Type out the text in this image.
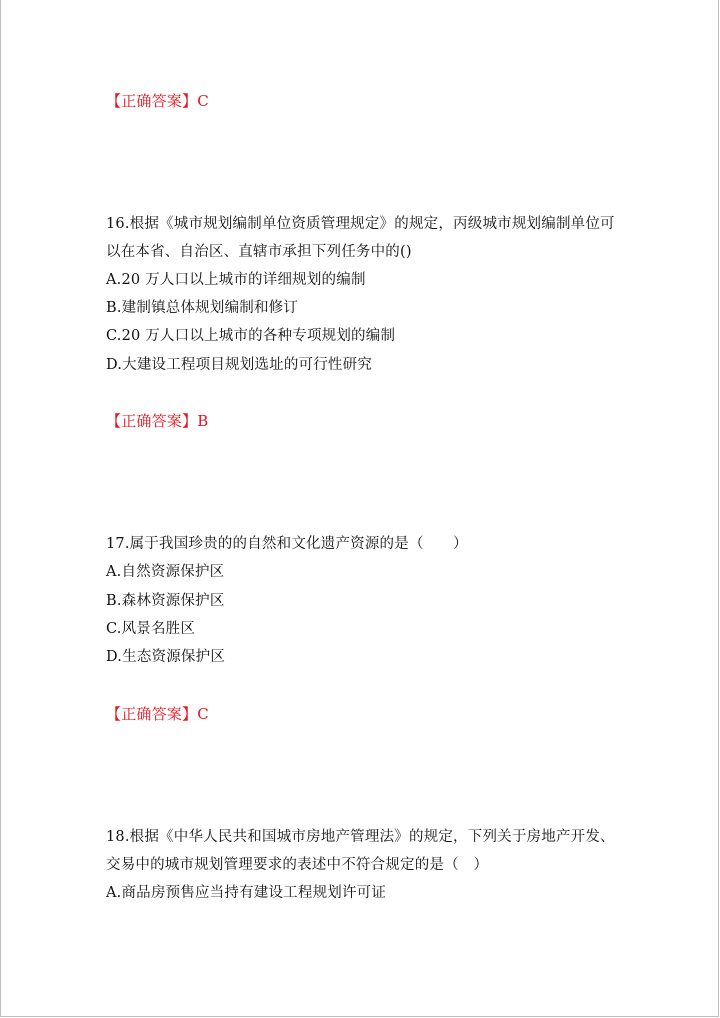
【正确答案】C
16.根据《城市规划编制单位资质管理规定》的规定，丙级城市规划编制单位可
以在本省、自治区、直辖市承担下列任务中的()
A.20 万人口以上城市的详细规划的编制
B.建制镇总体规划编制和修订
C.20 万人口以上城市的各种专项规划的编制
D.大建设工程项目规划选址的可行性研究
【正确答案】B
17.属于我国珍贵的的自然和文化遗产资源的是（　　）
A.自然资源保护区
B.森林资源保护区
C.风景名胜区
D.生态资源保护区
【正确答案】C
18.根据《中华人民共和国城市房地产管理法》的规定，下列关于房地产开发、
交易中的城市规划管理要求的表述中不符合规定的是（　）
A.商品房预售应当持有建设工程规划许可证
